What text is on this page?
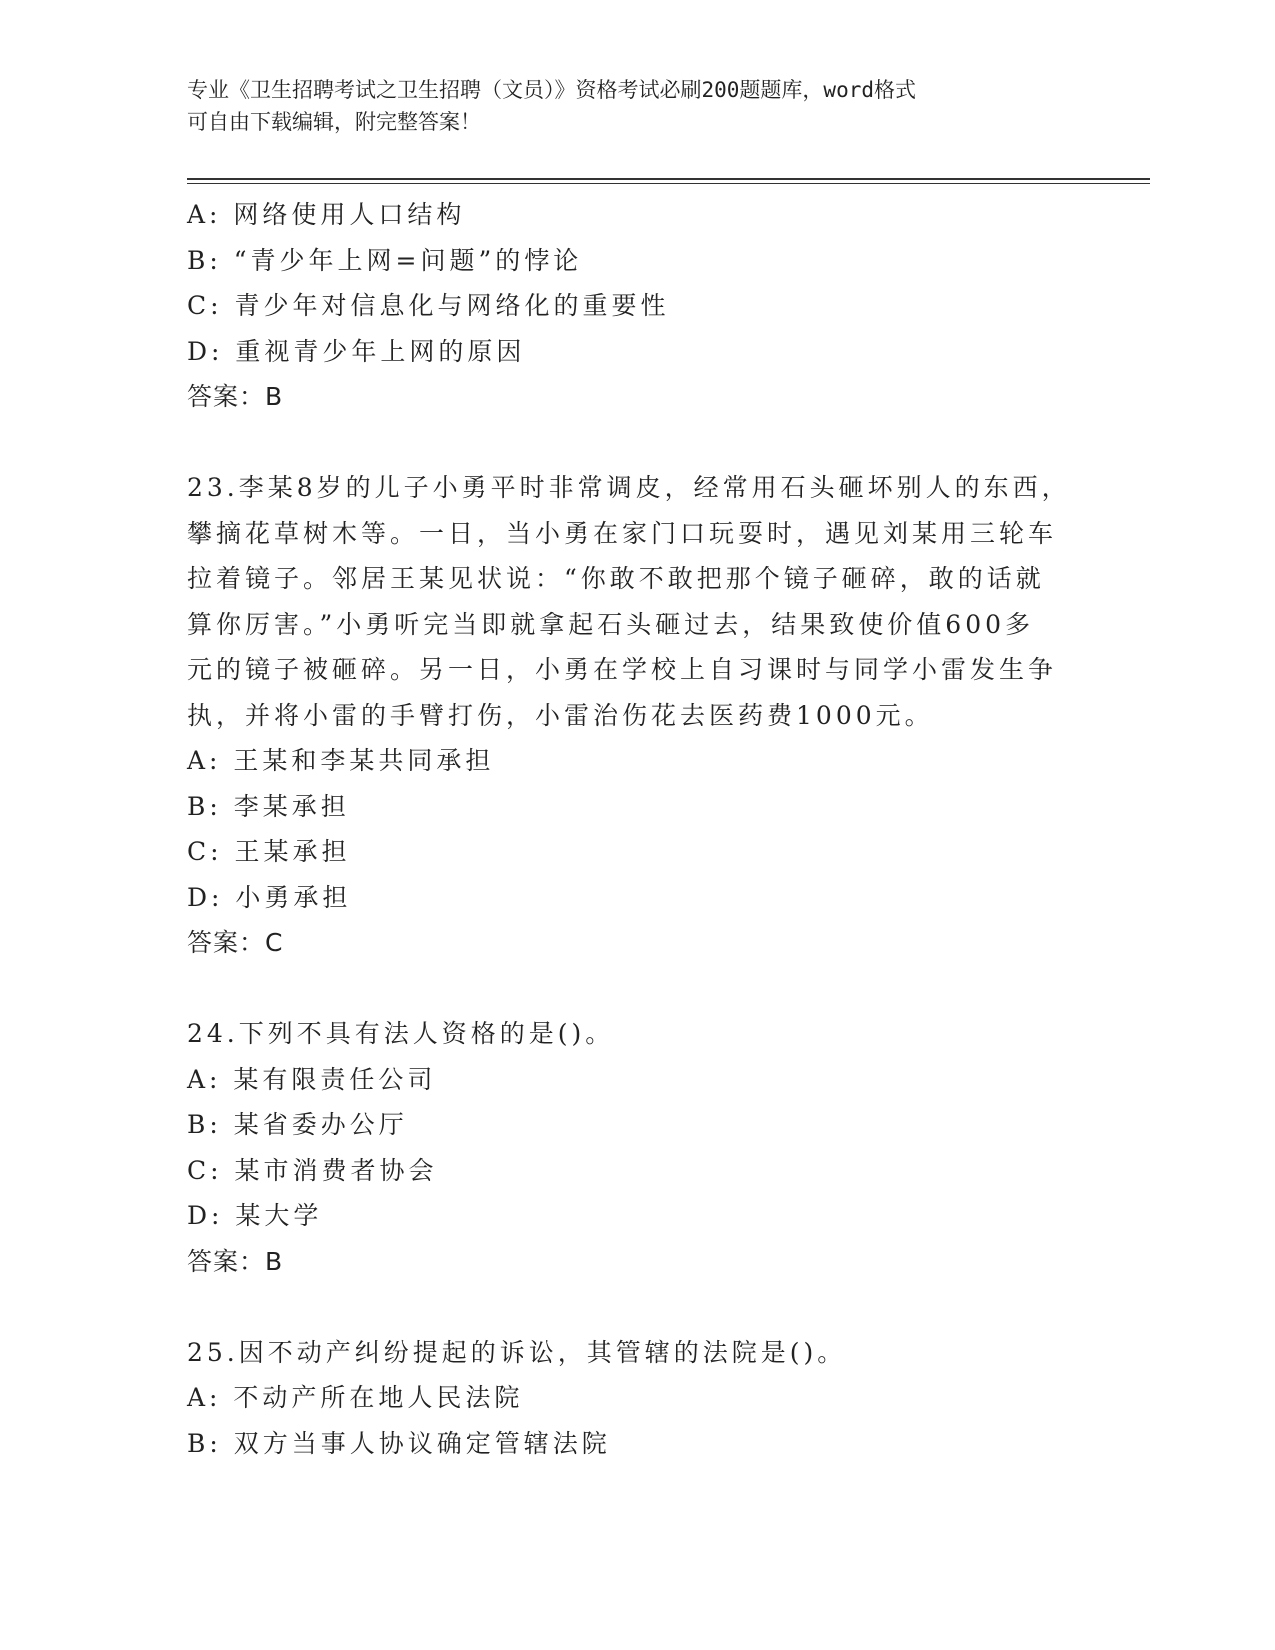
专业《卫生招聘考试之卫生招聘（文员）》资格考试必刷200题题库，word格式
可自由下载编辑，附完整答案！
A: 网络使用人口结构
B: “青少年上网=问题”的悖论
C: 青少年对信息化与网络化的重要性
D: 重视青少年上网的原因
答案：B
23.李某8岁的儿子小勇平时非常调皮，经常用石头砸坏别人的东西，
攀摘花草树木等。一日，当小勇在家门口玩耍时，遇见刘某用三轮车
拉着镜子。邻居王某见状说：“你敢不敢把那个镜子砸碎，敢的话就
算你厉害。”小勇听完当即就拿起石头砸过去，结果致使价值600多
元的镜子被砸碎。另一日，小勇在学校上自习课时与同学小雷发生争
执，并将小雷的手臂打伤，小雷治伤花去医药费1000元。
A: 王某和李某共同承担
B: 李某承担
C: 王某承担
D: 小勇承担
答案：C
24.下列不具有法人资格的是()。
A: 某有限责任公司
B: 某省委办公厅
C: 某市消费者协会
D: 某大学
答案：B
25.因不动产纠纷提起的诉讼，其管辖的法院是()。
A: 不动产所在地人民法院
B: 双方当事人协议确定管辖法院
